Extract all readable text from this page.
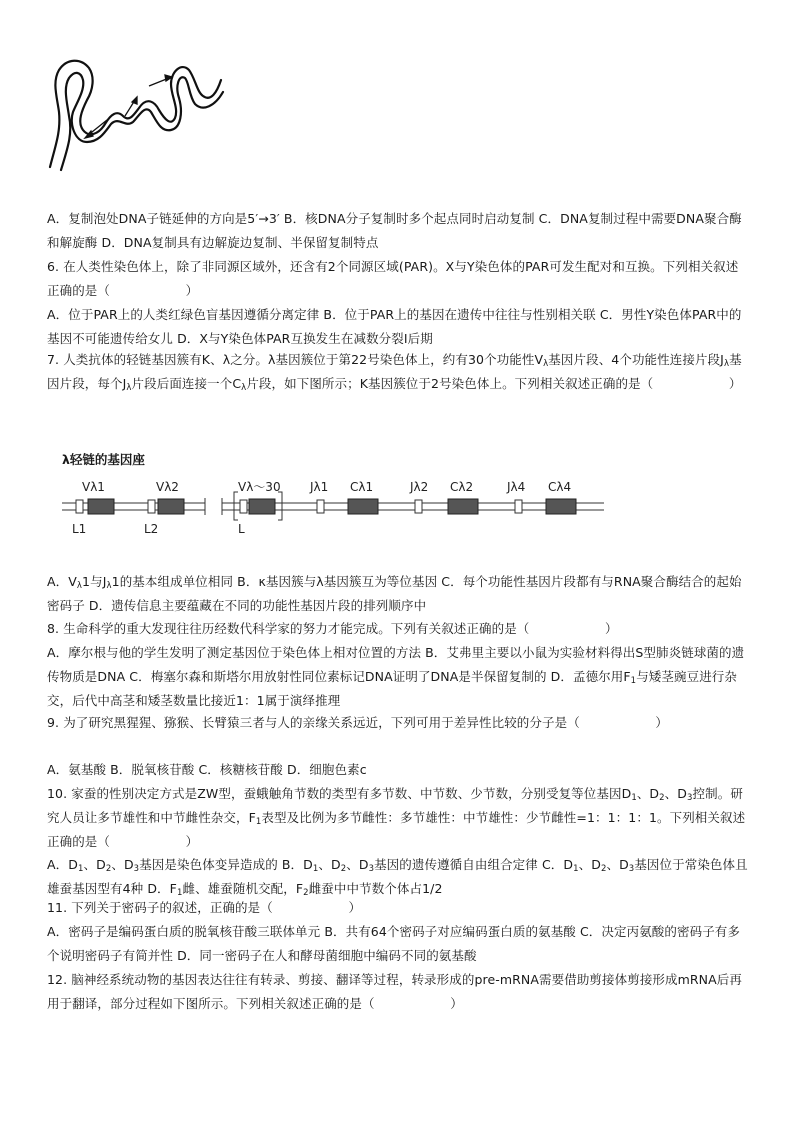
A．复制泡处DNA子链延伸的方向是5′→3′ B．核DNA分子复制时多个起点同时启动复制 C．DNA复制过程中需要DNA聚合酶和解旋酶 D．DNA复制具有边解旋边复制、半保留复制特点
6. 在人类性染色体上，除了非同源区域外，还含有2个同源区域(PAR)。X与Y染色体的PAR可发生配对和互换。下列相关叙述正确的是（　　　　　　）
A．位于PAR上的人类红绿色盲基因遵循分离定律 B．位于PAR上的基因在遗传中往往与性别相关联 C．男性Y染色体PAR中的基因不可能遗传给女儿 D．X与Y染色体PAR互换发生在减数分裂Ⅰ后期
7. 人类抗体的轻链基因簇有K、λ之分。λ基因簇位于第22号染色体上，约有30个功能性$V_\lambda$基因片段、4个功能性连接片段$J_\lambda$基因片段，每个$J_\lambda$片段后面连接一个$C_\lambda$片段，如下图所示；K基因簇位于2号染色体上。下列相关叙述正确的是（　　　　　　）
λ轻链的基因座
Vλ1	Vλ2	Vλ～30 Jλ1 Cλ1	Jλ2 Cλ2	Jλ4 Cλ4
L1	L2	L
A．$V_\lambda 1$与$J_\lambda 1$的基本组成单位相同 B．κ基因簇与λ基因簇互为等位基因 C．每个功能性基因片段都有与RNA聚合酶结合的起始密码子 D．遗传信息主要蕴藏在不同的功能性基因片段的排列顺序中
8. 生命科学的重大发现往往历经数代科学家的努力才能完成。下列有关叙述正确的是（　　　　　　）
A．摩尔根与他的学生发明了测定基因位于染色体上相对位置的方法 B．艾弗里主要以小鼠为实验材料得出S型肺炎链球菌的遗传物质是DNA C．梅塞尔森和斯塔尔用放射性同位素标记DNA证明了DNA是半保留复制的 D．孟德尔用$F_1$与矮茎豌豆进行杂交，后代中高茎和矮茎数量比接近1：1属于演绎推理
9. 为了研究黑猩猩、猕猴、长臂猿三者与人的亲缘关系远近，下列可用于差异性比较的分子是（　　　　　　）
A．氨基酸 B．脱氧核苷酸 C．核糖核苷酸 D．细胞色素c
10. 家蚕的性别决定方式是ZW型，蚕蛾触角节数的类型有多节数、中节数、少节数，分别受复等位基因$D_1$、$D_2$、$D_3$控制。研究人员让多节雄性和中节雌性杂交，$F_1$表型及比例为多节雌性：多节雄性：中节雄性：少节雌性=1：1：1：1。下列相关叙述正确的是（　　　　　　）
A．$D_1$、$D_2$、$D_3$基因是染色体变异造成的 B．$D_1$、$D_2$、$D_3$基因的遗传遵循自由组合定律 C．$D_1$、$D_2$、$D_3$基因位于常染色体且雄蚕基因型有4种 D．$F_1$雌、雄蚕随机交配，$F_2$雌蚕中中节数个体占1/2
11. 下列关于密码子的叙述，正确的是（　　　　　　）
A．密码子是编码蛋白质的脱氧核苷酸三联体单元 B．共有64个密码子对应编码蛋白质的氨基酸 C．决定丙氨酸的密码子有多个说明密码子有简并性 D．同一密码子在人和酵母菌细胞中编码不同的氨基酸
12. 脑神经系统动物的基因表达往往有转录、剪接、翻译等过程，转录形成的pre-mRNA需要借助剪接体剪接形成mRNA后再用于翻译，部分过程如下图所示。下列相关叙述正确的是（　　　　　　）
